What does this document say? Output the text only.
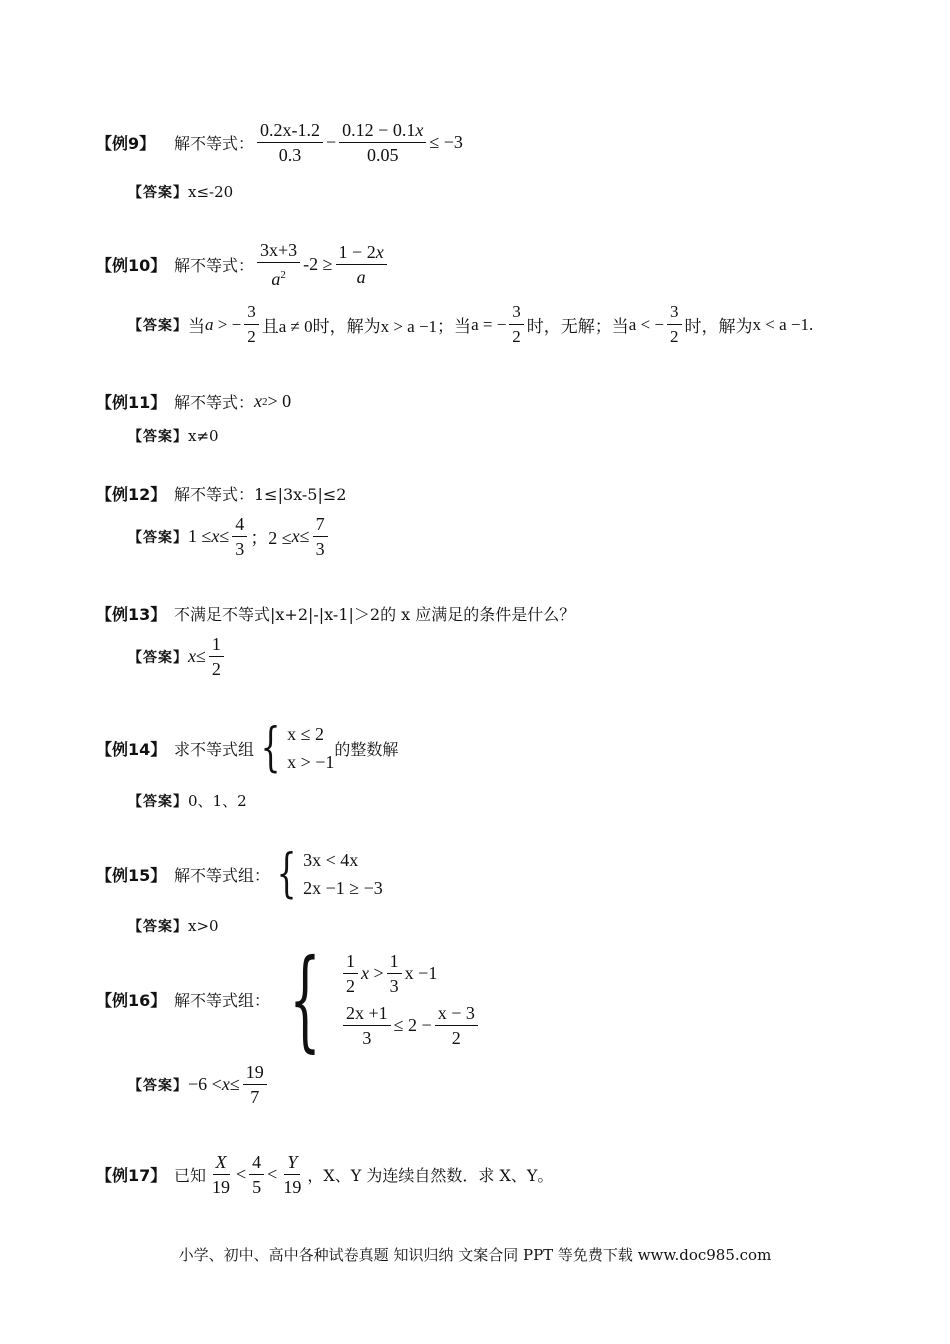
【例9】	解不等式： $\frac{0.2x-1.2}{0.3} - \frac{0.12 - 0.1x}{0.05} \le -3$
【答案】 x≤-20
【例10】 解不等式： $\frac{3x+3}{a^2} -2 \ge \frac{1 - 2x}{a}$
【答案】 当 a
> − $\frac{3}{2}$ 且 a ≠ 0时，解为 x > a −1；当 a = − $\frac{3}{2}$ 时，无解；当 a < − $\frac{3}{2}$ 时，解为 x < a −1.
【例11】 解不等式： x 2 > 0
【答案】 x≠0
【例12】 解不等式：1≤|3x-5|≤2
【答案】 $1 \le x \le \frac{4}{3}$ ；$2 \le x \le \frac{7}{3}$
【例13】 不满足不等式|x+2|-|x-1|＞2的 x 应满足的条件是什么？
【答案】 $x \le \frac{1}{2}$
【例14】 求不等式组 { x ≤ 2
x > −1
的整数解
【答案】 0、1、2
【例15】 解不等式组： { 3x < 4x
2x −1 ≥ −3
【答案】 x>0
【例16】 解不等式组： { $\frac{1}{2}$ $x > \frac{1}{3}$ x −1
$\frac{2x +1}{3} \le 2 - \frac{x - 3}{2}$
【答案】 $-6 < x \le \frac{19}{7}$
【例17】 已知 $\frac{X}{19} < \frac{4}{5} < \frac{Y}{19}$ ，X、Y 为连续自然数．求 X、Y。
小学、初中、高中各种试卷真题 知识归纳 文案合同 PPT 等免费下载 www.doc985.com
